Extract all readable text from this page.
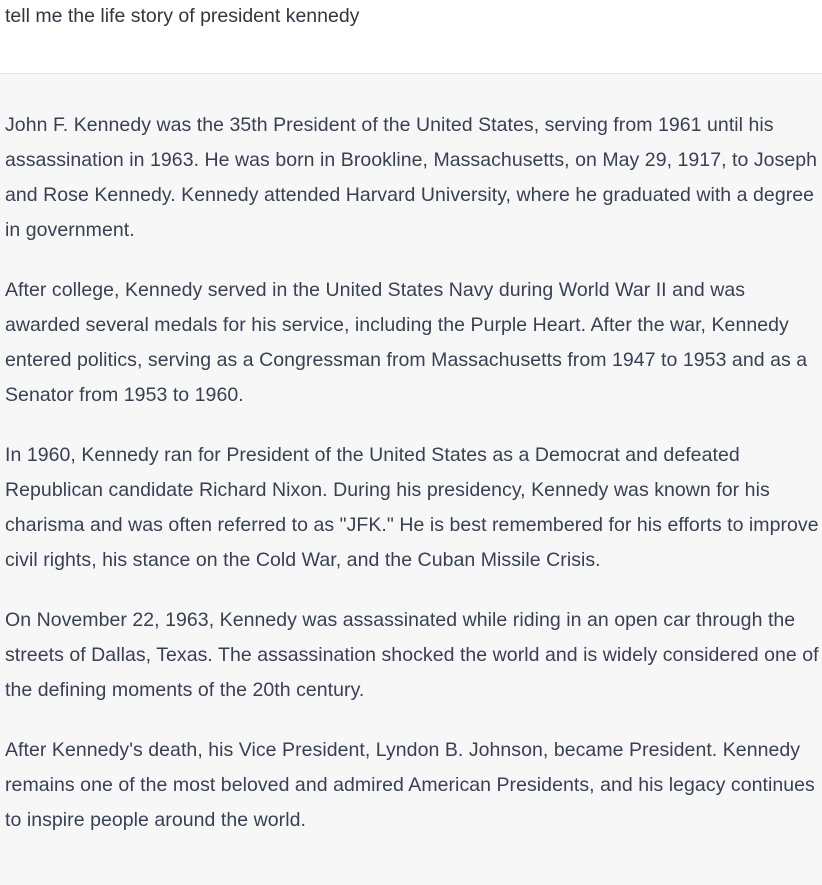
tell me the life story of president kennedy

John F. Kennedy was the 35th President of the United States, serving from 1961 until his assassination in 1963. He was born in Brookline, Massachusetts, on May 29, 1917, to Joseph and Rose Kennedy. Kennedy attended Harvard University, where he graduated with a degree in government.

After college, Kennedy served in the United States Navy during World War II and was awarded several medals for his service, including the Purple Heart. After the war, Kennedy entered politics, serving as a Congressman from Massachusetts from 1947 to 1953 and as a Senator from 1953 to 1960.

In 1960, Kennedy ran for President of the United States as a Democrat and defeated Republican candidate Richard Nixon. During his presidency, Kennedy was known for his charisma and was often referred to as "JFK." He is best remembered for his efforts to improve civil rights, his stance on the Cold War, and the Cuban Missile Crisis.

On November 22, 1963, Kennedy was assassinated while riding in an open car through the streets of Dallas, Texas. The assassination shocked the world and is widely considered one of the defining moments of the 20th century.

After Kennedy's death, his Vice President, Lyndon B. Johnson, became President. Kennedy remains one of the most beloved and admired American Presidents, and his legacy continues to inspire people around the world.
